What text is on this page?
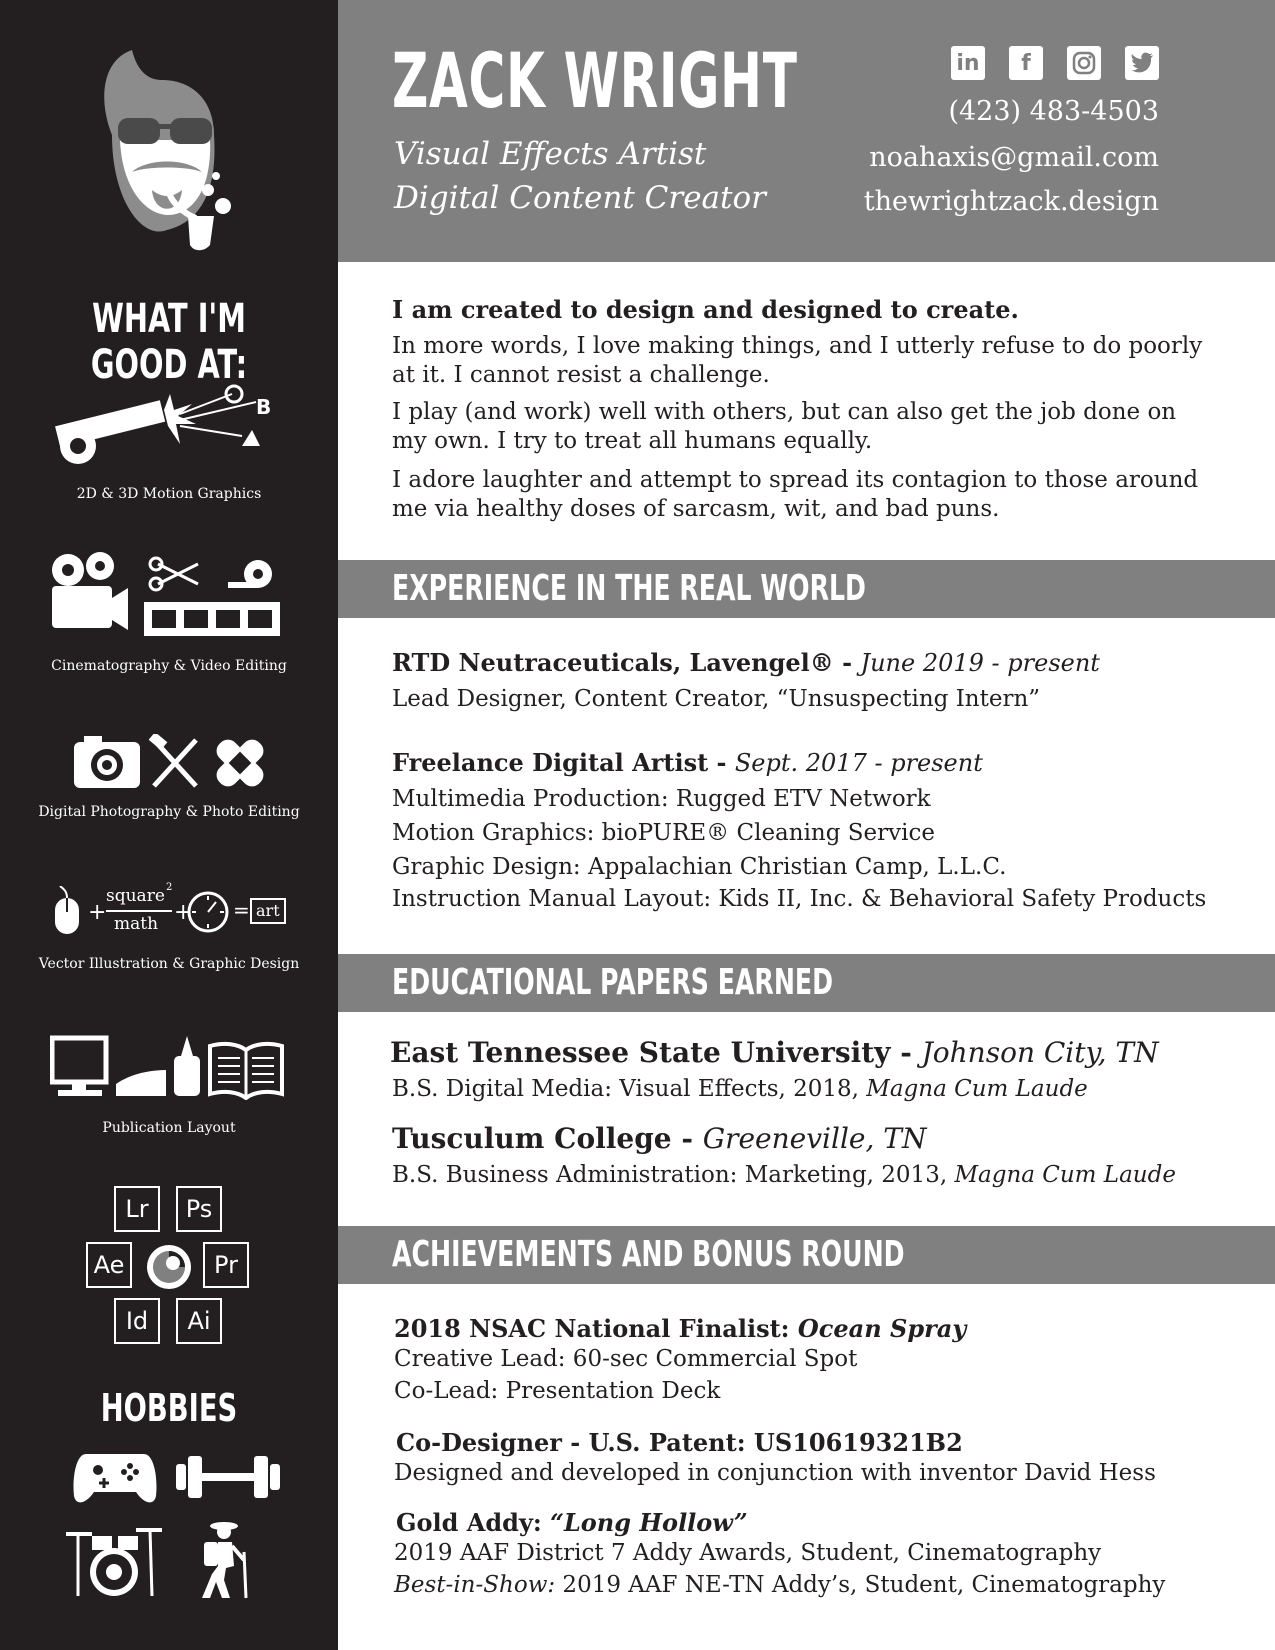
WHAT I'M GOOD AT:
B
2D & 3D Motion Graphics
Cinematography & Video Editing
Digital Photography & Photo Editing
+
square 2
math + = art
Vector Illustration & Graphic Design
Publication Layout
Lr	Ps
Ae	Pr
Id	Ai
HOBBIES
ZACK WRIGHT
Visual Effects Artist
Digital Content Creator
in	f
(423) 483-4503
noahaxis@gmail.com
thewrightzack.design
I am created to design and designed to create.
In more words, I love making things, and I utterly refuse to do poorly at it. I cannot resist a challenge.
I play (and work) well with others, but can also get the job done on my own. I try to treat all humans equally.
I adore laughter and attempt to spread its contagion to those around me via healthy doses of sarcasm, wit, and bad puns.
EXPERIENCE IN THE REAL WORLD
RTD Neutraceuticals, Lavengel® - June 2019 - present
Lead Designer, Content Creator, “Unsuspecting Intern”
Freelance Digital Artist - Sept. 2017 - present
Multimedia Production: Rugged ETV Network
Motion Graphics: bioPURE® Cleaning Service
Graphic Design: Appalachian Christian Camp, L.L.C.
Instruction Manual Layout: Kids II, Inc. & Behavioral Safety Products
EDUCATIONAL PAPERS EARNED
East Tennessee State University - Johnson City, TN
B.S. Digital Media: Visual Effects, 2018, Magna Cum Laude
Tusculum College - Greeneville, TN
B.S. Business Administration: Marketing, 2013, Magna Cum Laude
ACHIEVEMENTS AND BONUS ROUND
2018 NSAC National Finalist: Ocean Spray
Creative Lead: 60-sec Commercial Spot
Co-Lead: Presentation Deck
Co-Designer - U.S. Patent: US10619321B2
Designed and developed in conjunction with inventor David Hess
Gold Addy: “Long Hollow”
2019 AAF District 7 Addy Awards, Student, Cinematography
Best-in-Show: 2019 AAF NE-TN Addy’s, Student, Cinematography
